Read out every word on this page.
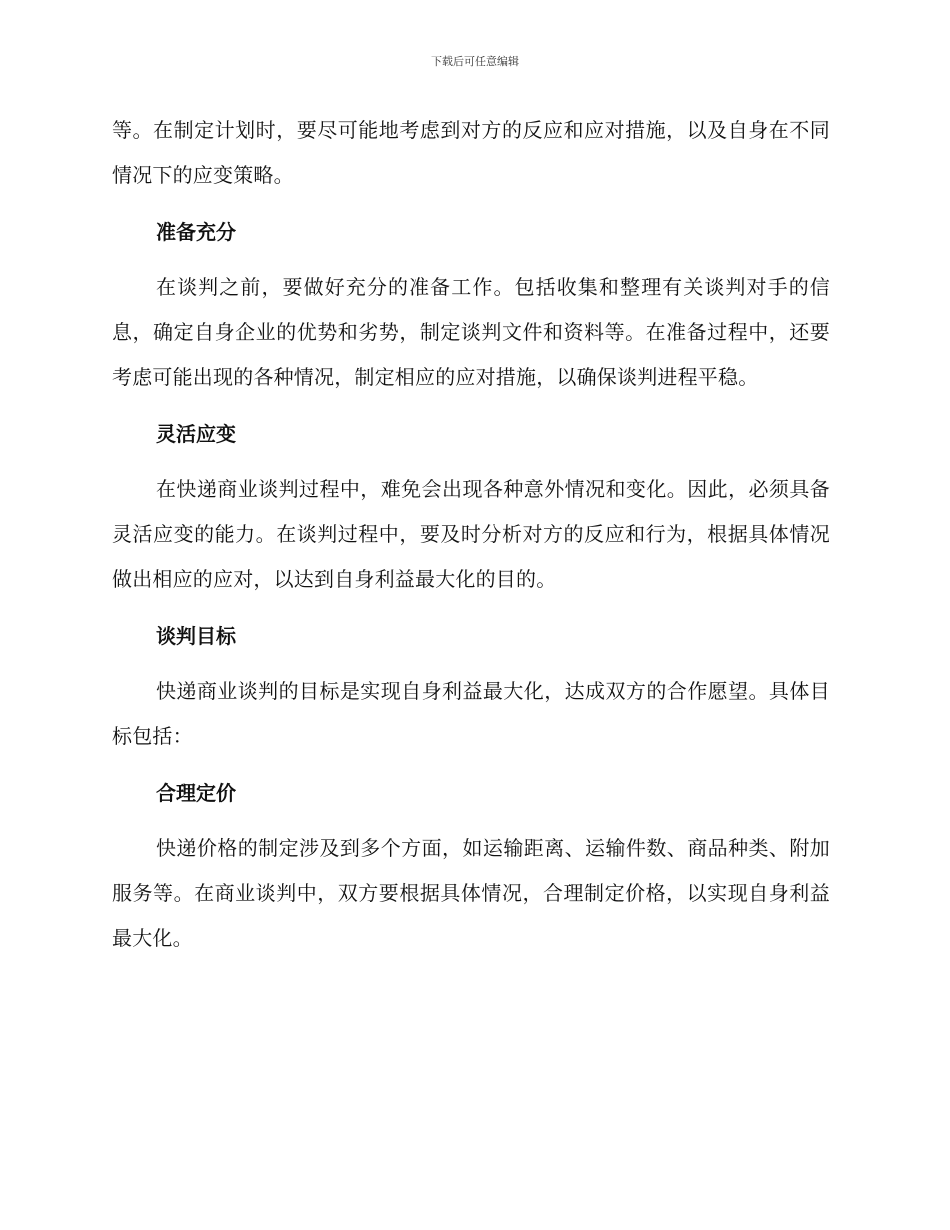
下载后可任意编辑

等。在制定计划时，要尽可能地考虑到对方的反应和应对措施，以及自身在不同情况下的应变策略。

准备充分

在谈判之前，要做好充分的准备工作。包括收集和整理有关谈判对手的信息，确定自身企业的优势和劣势，制定谈判文件和资料等。在准备过程中，还要考虑可能出现的各种情况，制定相应的应对措施，以确保谈判进程平稳。

灵活应变

在快递商业谈判过程中，难免会出现各种意外情况和变化。因此，必须具备灵活应变的能力。在谈判过程中，要及时分析对方的反应和行为，根据具体情况做出相应的应对，以达到自身利益最大化的目的。

谈判目标

快递商业谈判的目标是实现自身利益最大化，达成双方的合作愿望。具体目标包括：

合理定价

快递价格的制定涉及到多个方面，如运输距离、运输件数、商品种类、附加服务等。在商业谈判中，双方要根据具体情况，合理制定价格，以实现自身利益最大化。
